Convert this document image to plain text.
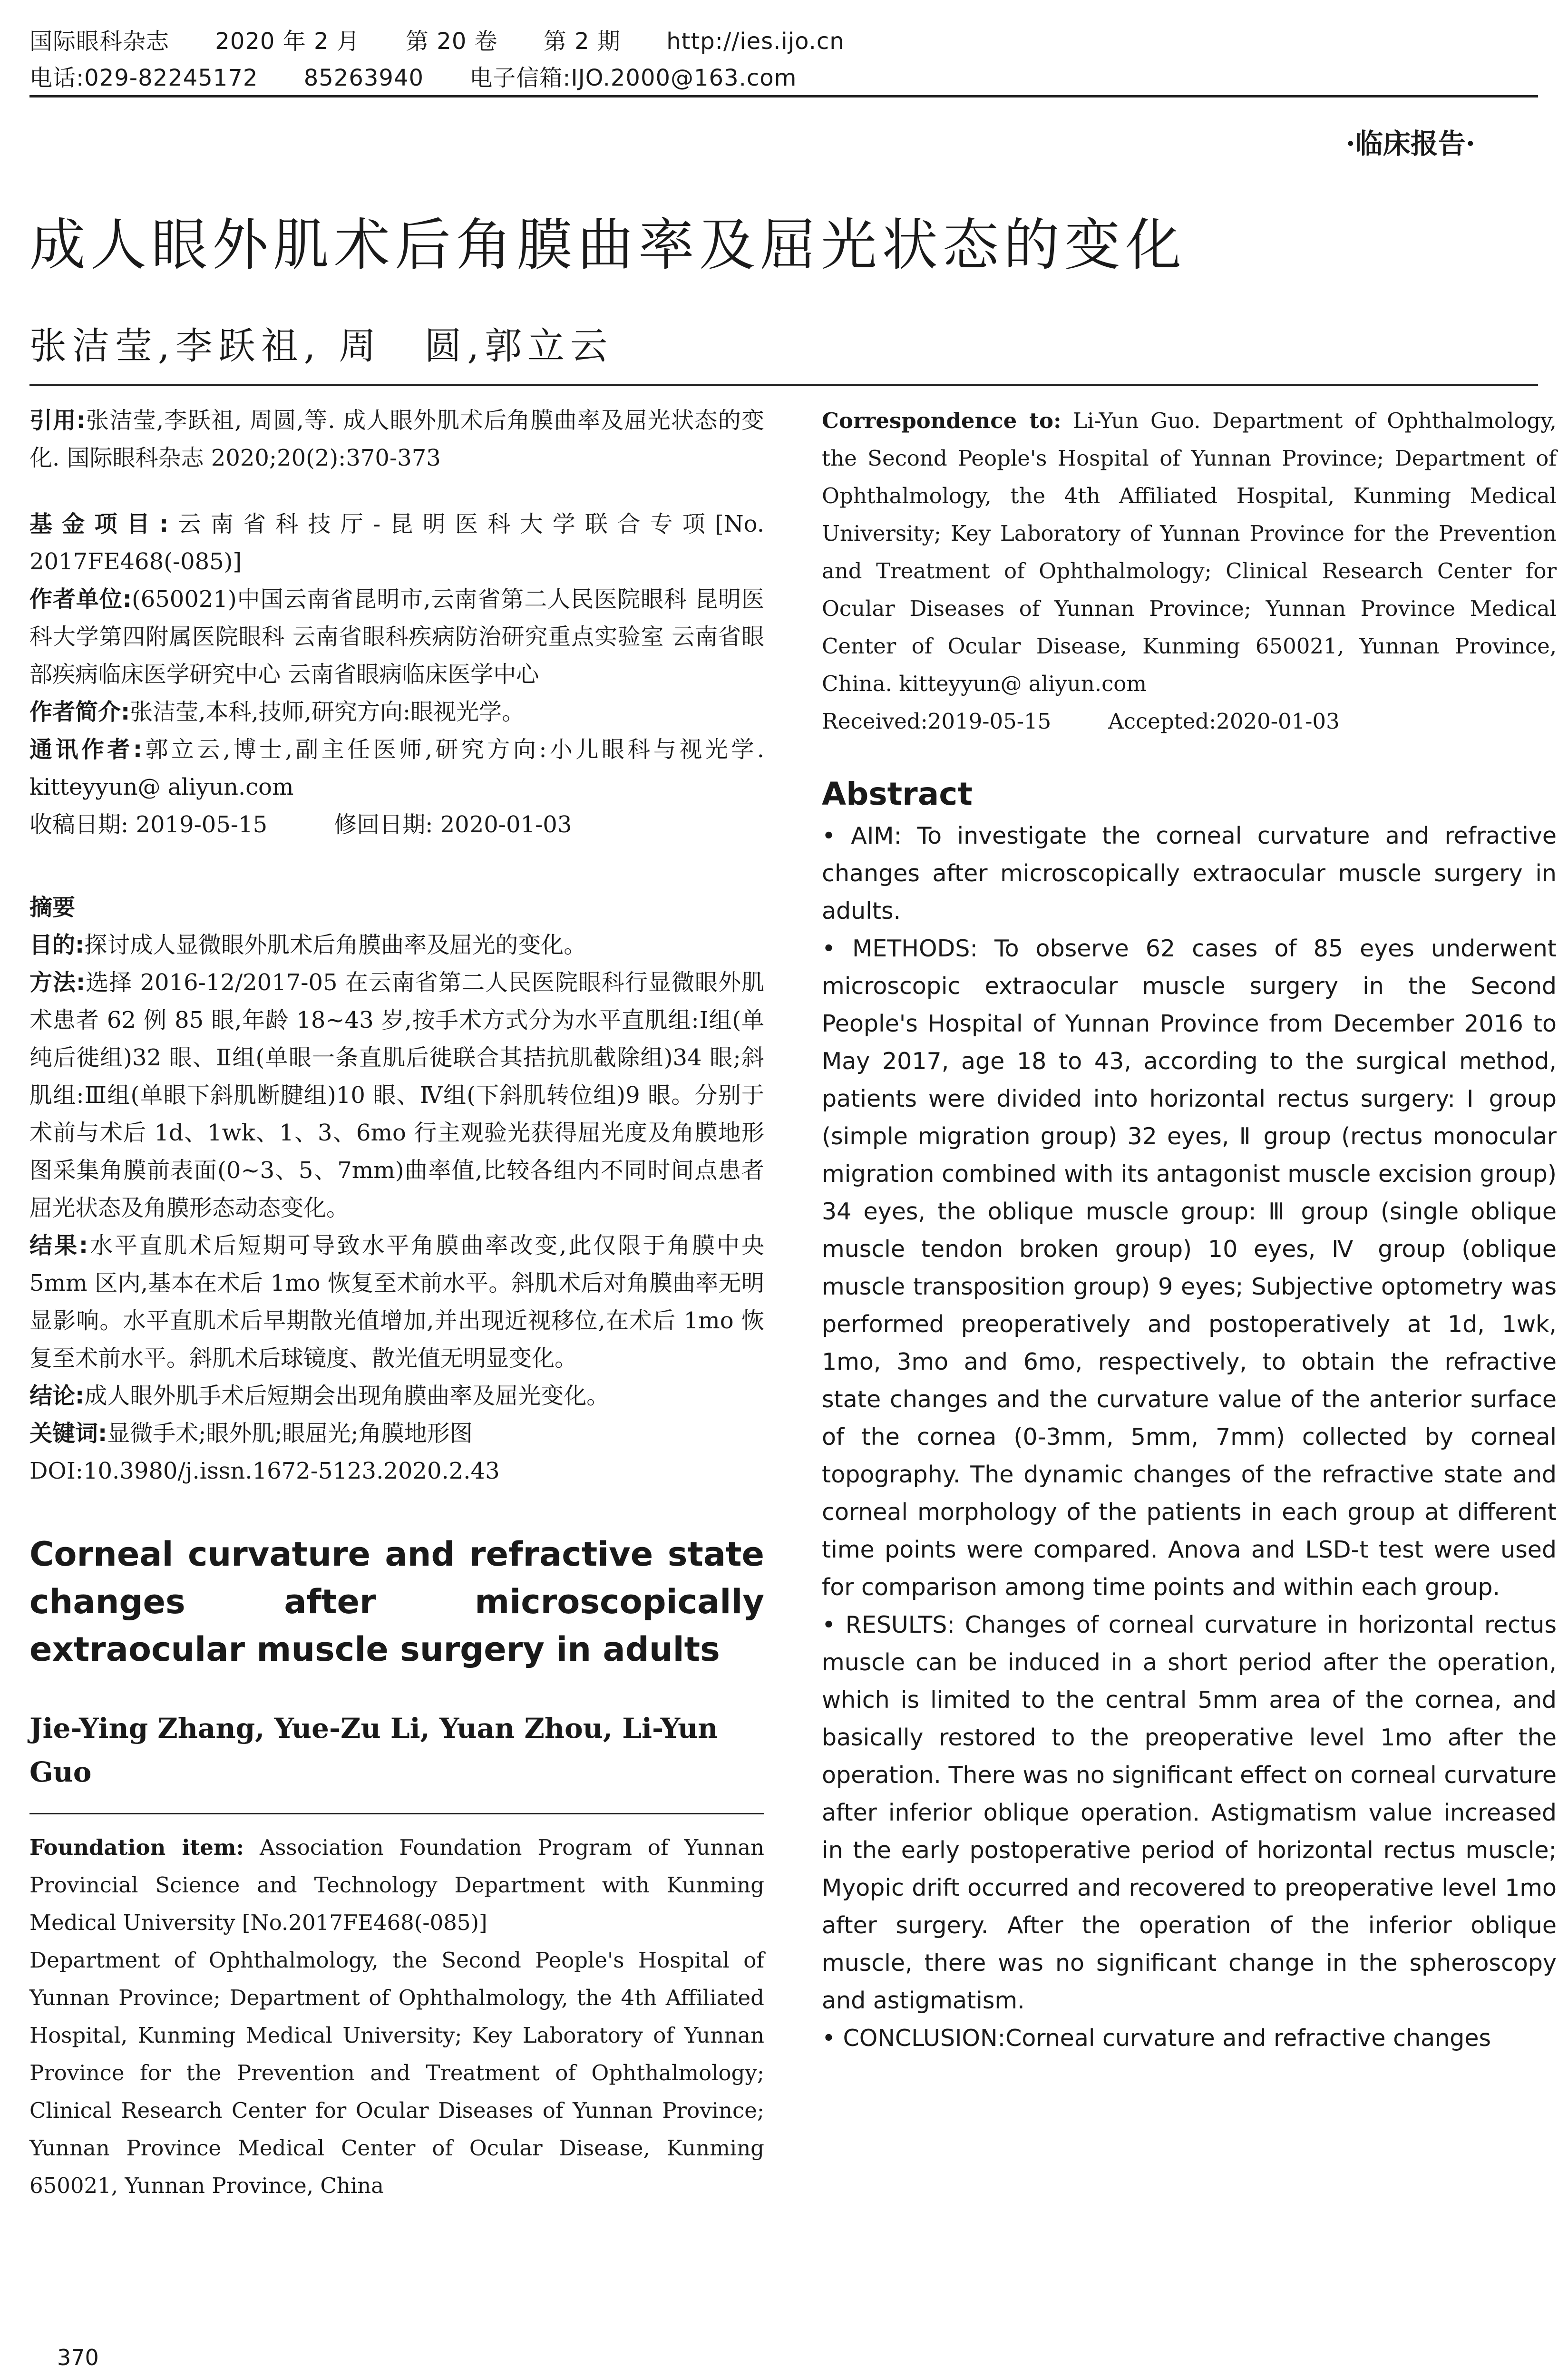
国际眼科杂志 2020 年 2 月 第 20 卷 第 2 期 http://ies.ijo.cn
电话:029-82245172 85263940 电子信箱:IJO.2000@163.com
·临床报告·
成人眼外肌术后角膜曲率及屈光状态的变化
张洁莹,李跃祖, 周　圆,郭立云

引用:张洁莹,李跃祖, 周圆,等. 成人眼外肌术后角膜曲率及屈光状态的变化. 国际眼科杂志 2020;20(2):370-373

基金项目:云南省科技厅-昆明医科大学联合专项[No. 2017FE468(-085)]

作者单位:(650021)中国云南省昆明市,云南省第二人民医院眼科 昆明医科大学第四附属医院眼科 云南省眼科疾病防治研究重点实验室 云南省眼部疾病临床医学研究中心 云南省眼病临床医学中心

作者简介:张洁莹,本科,技师,研究方向:眼视光学。

通讯作者:郭立云,博士,副主任医师,研究方向:小儿眼科与视光学. kitteyyun@ aliyun.com

收稿日期: 2019-05-15	修回日期: 2020-01-03

摘要

目的:探讨成人显微眼外肌术后角膜曲率及屈光的变化。

方法:选择 2016-12/2017-05 在云南省第二人民医院眼科行显微眼外肌术患者 62 例 85 眼,年龄 18~43 岁,按手术方式分为水平直肌组:Ⅰ组(单纯后徙组)32 眼、Ⅱ组(单眼一条直肌后徙联合其拮抗肌截除组)34 眼;斜肌组:Ⅲ组(单眼下斜肌断腱组)10 眼、Ⅳ组(下斜肌转位组)9 眼。分别于术前与术后 1d、1wk、1、3、6mo 行主观验光获得屈光度及角膜地形图采集角膜前表面(0~3、5、7mm)曲率值,比较各组内不同时间点患者屈光状态及角膜形态动态变化。

结果:水平直肌术后短期可导致水平角膜曲率改变,此仅限于角膜中央 5mm 区内,基本在术后 1mo 恢复至术前水平。斜肌术后对角膜曲率无明显影响。水平直肌术后早期散光值增加,并出现近视移位,在术后 1mo 恢复至术前水平。斜肌术后球镜度、散光值无明显变化。

结论:成人眼外肌手术后短期会出现角膜曲率及屈光变化。

关键词:显微手术;眼外肌;眼屈光;角膜地形图

DOI:10.3980/j.issn.1672-5123.2020.2.43

Corneal curvature and refractive state changes after microscopically extraocular muscle surgery in adults

Jie-Ying Zhang, Yue-Zu Li, Yuan Zhou, Li-Yun Guo

Foundation item: Association Foundation Program of Yunnan Provincial Science and Technology Department with Kunming Medical University [No.2017FE468(-085)]

Department of Ophthalmology, the Second People's Hospital of Yunnan Province; Department of Ophthalmology, the 4th Affiliated Hospital, Kunming Medical University; Key Laboratory of Yunnan Province for the Prevention and Treatment of Ophthalmology; Clinical Research Center for Ocular Diseases of Yunnan Province; Yunnan Province Medical Center of Ocular Disease, Kunming 650021, Yunnan Province, China

Correspondence to: Li-Yun Guo. Department of Ophthalmology, the Second People's Hospital of Yunnan Province; Department of Ophthalmology, the 4th Affiliated Hospital, Kunming Medical University; Key Laboratory of Yunnan Province for the Prevention and Treatment of Ophthalmology; Clinical Research Center for Ocular Diseases of Yunnan Province; Yunnan Province Medical Center of Ocular Disease, Kunming 650021, Yunnan Province, China. kitteyyun@ aliyun.com

Received:2019-05-15	Accepted:2020-01-03

Abstract

• AIM: To investigate the corneal curvature and refractive changes after microscopically extraocular muscle surgery in adults.

• METHODS: To observe 62 cases of 85 eyes underwent microscopic extraocular muscle surgery in the Second People's Hospital of Yunnan Province from December 2016 to May 2017, age 18 to 43, according to the surgical method, patients were divided into horizontal rectus surgery: Ⅰ group (simple migration group) 32 eyes, Ⅱ group (rectus monocular migration combined with its antagonist muscle excision group) 34 eyes, the oblique muscle group: Ⅲ group (single oblique muscle tendon broken group) 10 eyes, Ⅳ group (oblique muscle transposition group) 9 eyes; Subjective optometry was performed preoperatively and postoperatively at 1d, 1wk, 1mo, 3mo and 6mo, respectively, to obtain the refractive state changes and the curvature value of the anterior surface of the cornea (0-3mm, 5mm, 7mm) collected by corneal topography. The dynamic changes of the refractive state and corneal morphology of the patients in each group at different time points were compared. Anova and LSD-t test were used for comparison among time points and within each group.

• RESULTS: Changes of corneal curvature in horizontal rectus muscle can be induced in a short period after the operation, which is limited to the central 5mm area of the cornea, and basically restored to the preoperative level 1mo after the operation. There was no significant effect on corneal curvature after inferior oblique operation. Astigmatism value increased in the early postoperative period of horizontal rectus muscle; Myopic drift occurred and recovered to preoperative level 1mo after surgery. After the operation of the inferior oblique muscle, there was no significant change in the spheroscopy and astigmatism.

• CONCLUSION:Corneal curvature and refractive changes

370
